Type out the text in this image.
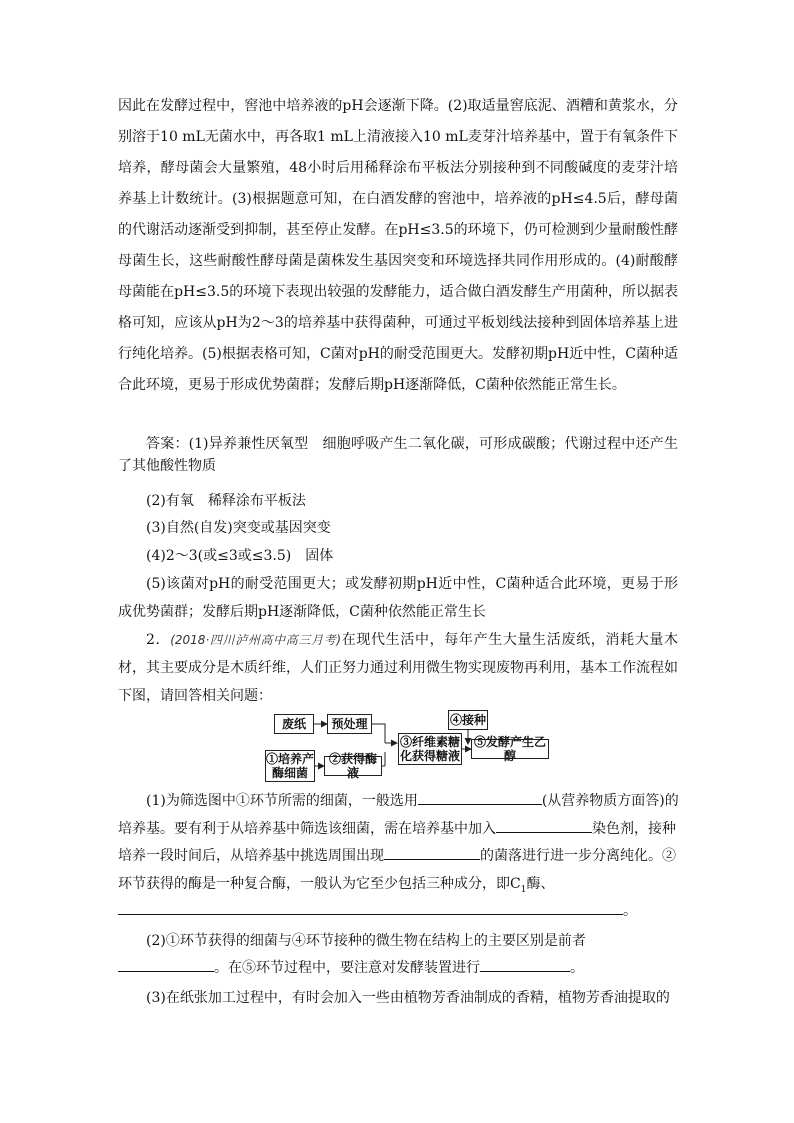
因此在发酵过程中，窖池中培养液的pH会逐渐下降。(2)取适量窖底泥、酒糟和黄浆水，分别溶于10 mL无菌水中，再各取1 mL上清液接入10 mL麦芽汁培养基中，置于有氧条件下培养，酵母菌会大量繁殖，48小时后用稀释涂布平板法分别接种到不同酸碱度的麦芽汁培养基上计数统计。(3)根据题意可知，在白酒发酵的窖池中，培养液的pH≤4.5后，酵母菌的代谢活动逐渐受到抑制，甚至停止发酵。在pH≤3.5的环境下，仍可检测到少量耐酸性酵母菌生长，这些耐酸性酵母菌是菌株发生基因突变和环境选择共同作用形成的。(4)耐酸酵母菌能在pH≤3.5的环境下表现出较强的发酵能力，适合做白酒发酵生产用菌种，所以据表格可知，应该从pH为2～3的培养基中获得菌种，可通过平板划线法接种到固体培养基上进行纯化培养。(5)根据表格可知，C菌对pH的耐受范围更大。发酵初期pH近中性，C菌种适合此环境，更易于形成优势菌群；发酵后期pH逐渐降低，C菌种依然能正常生长。

答案：(1)异养兼性厌氧型　细胞呼吸产生二氧化碳，可形成碳酸；代谢过程中还产生了其他酸性物质

(2)有氧　稀释涂布平板法

(3)自然(自发)突变或基因突变

(4)2～3(或≤3或≤3.5)　固体

(5)该菌对pH的耐受范围更大；或发酵初期pH近中性，C菌种适合此环境，更易于形成优势菌群；发酵后期pH逐渐降低，C菌种依然能正常生长

2．(2018·四川泸州高中高三月考)在现代生活中，每年产生大量生活废纸，消耗大量木材，其主要成分是木质纤维，人们正努力通过利用微生物实现废物再利用，基本工作流程如下图，请回答相关问题：

废纸	预处理
①培养产
酶细菌
②获得酶液
③纤维素糖
化获得糖液
④接种
⑤发酵产生乙醇

(1)为筛选图中①环节所需的细菌，一般选用	(从营养物质方面答)的

培养基。要有利于从培养基中筛选该细菌，需在培养基中加入	染色剂，接种

培养一段时间后，从培养基中挑选周围出现	的菌落进行进一步分离纯化。②

环节获得的酶是一种复合酶，一般认为它至少包括三种成分，即$C_1$酶、

。

(2)①环节获得的细菌与④环节接种的微生物在结构上的主要区别是前者

。在⑤环节过程中，要注意对发酵装置进行	。

(3)在纸张加工过程中，有时会加入一些由植物芳香油制成的香精，植物芳香油提取的
